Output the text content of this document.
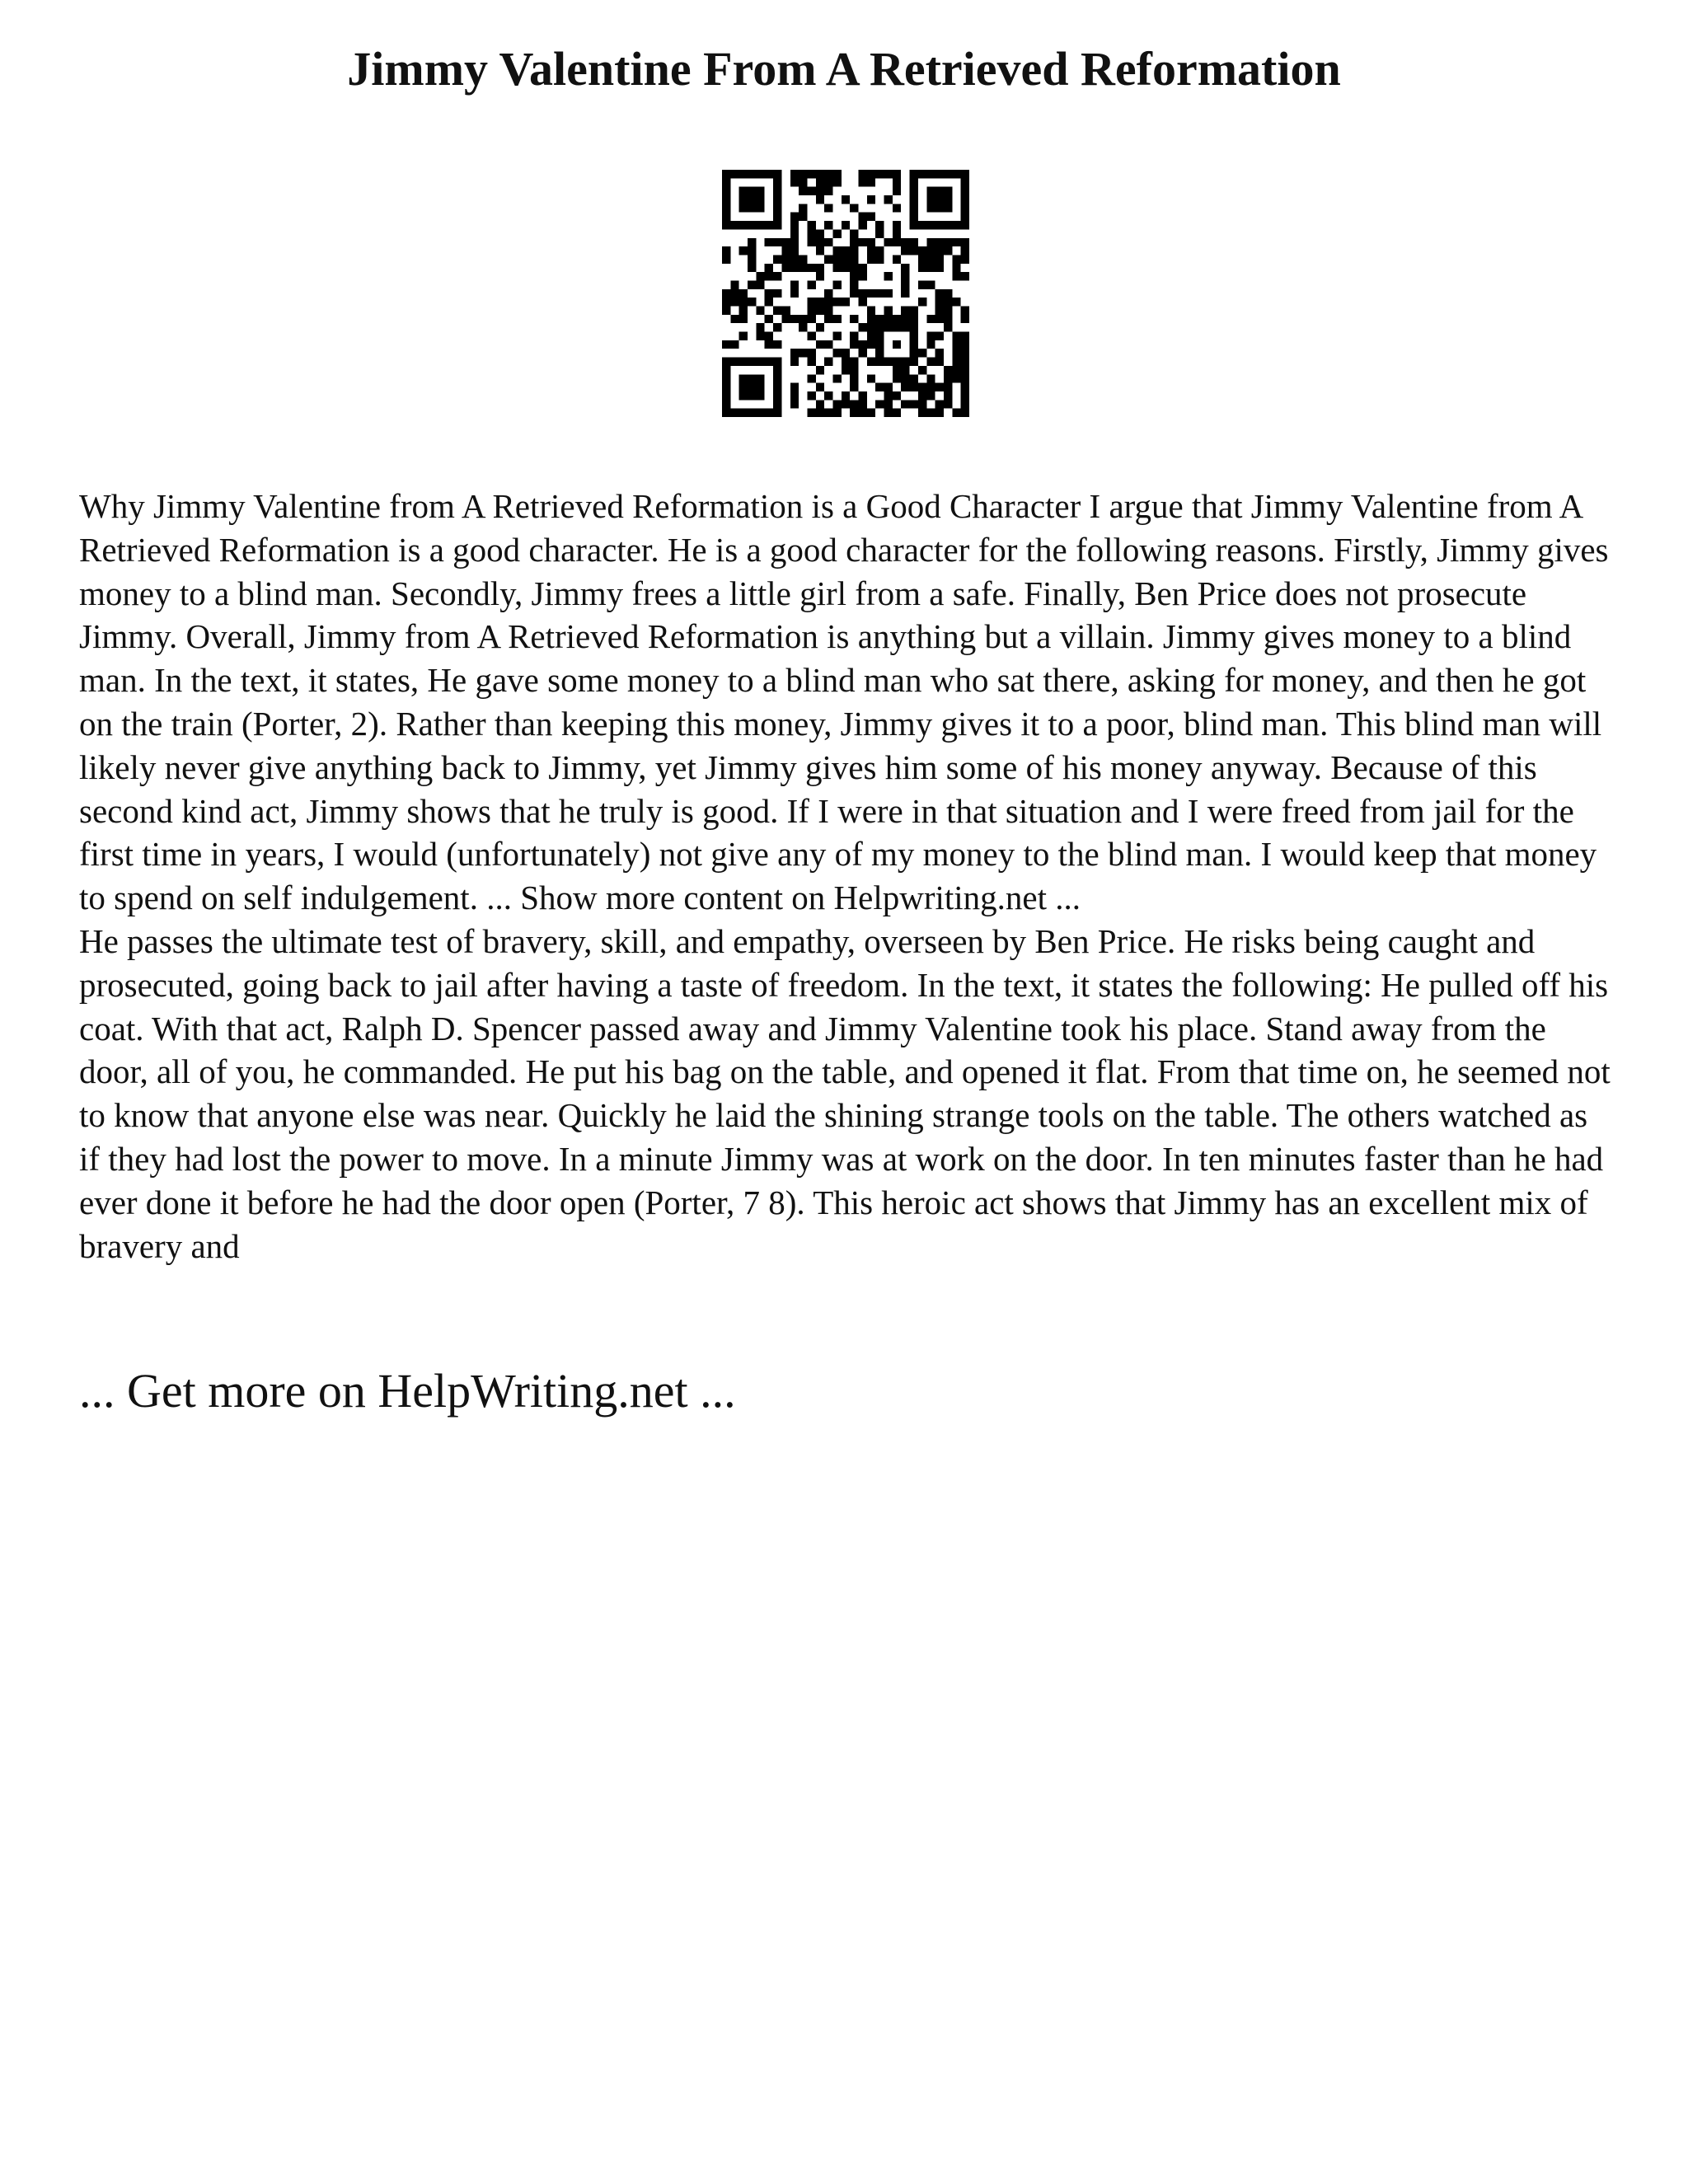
Jimmy Valentine From A Retrieved Reformation

Why Jimmy Valentine from A Retrieved Reformation is a Good Character I argue that Jimmy Valentine from A Retrieved Reformation is a good character. He is a good character for the following reasons. Firstly, Jimmy gives money to a blind man. Secondly, Jimmy frees a little girl from a safe. Finally, Ben Price does not prosecute Jimmy. Overall, Jimmy from A Retrieved Reformation is anything but a villain. Jimmy gives money to a blind man. In the text, it states, He gave some money to a blind man who sat there, asking for money, and then he got on the train (Porter, 2). Rather than keeping this money, Jimmy gives it to a poor, blind man. This blind man will likely never give anything back to Jimmy, yet Jimmy gives him some of his money anyway. Because of this second kind act, Jimmy shows that he truly is good. If I were in that situation and I were freed from jail for the first time in years, I would (unfortunately) not give any of my money to the blind man. I would keep that money to spend on self indulgement. ... Show more content on Helpwriting.net ...

He passes the ultimate test of bravery, skill, and empathy, overseen by Ben Price. He risks being caught and prosecuted, going back to jail after having a taste of freedom. In the text, it states the following: He pulled off his coat. With that act, Ralph D. Spencer passed away and Jimmy Valentine took his place. Stand away from the door, all of you, he commanded. He put his bag on the table, and opened it flat. From that time on, he seemed not to know that anyone else was near. Quickly he laid the shining strange tools on the table. The others watched as if they had lost the power to move. In a minute Jimmy was at work on the door. In ten minutes faster than he had ever done it before he had the door open (Porter, 7 8). This heroic act shows that Jimmy has an excellent mix of bravery and

... Get more on HelpWriting.net ...
